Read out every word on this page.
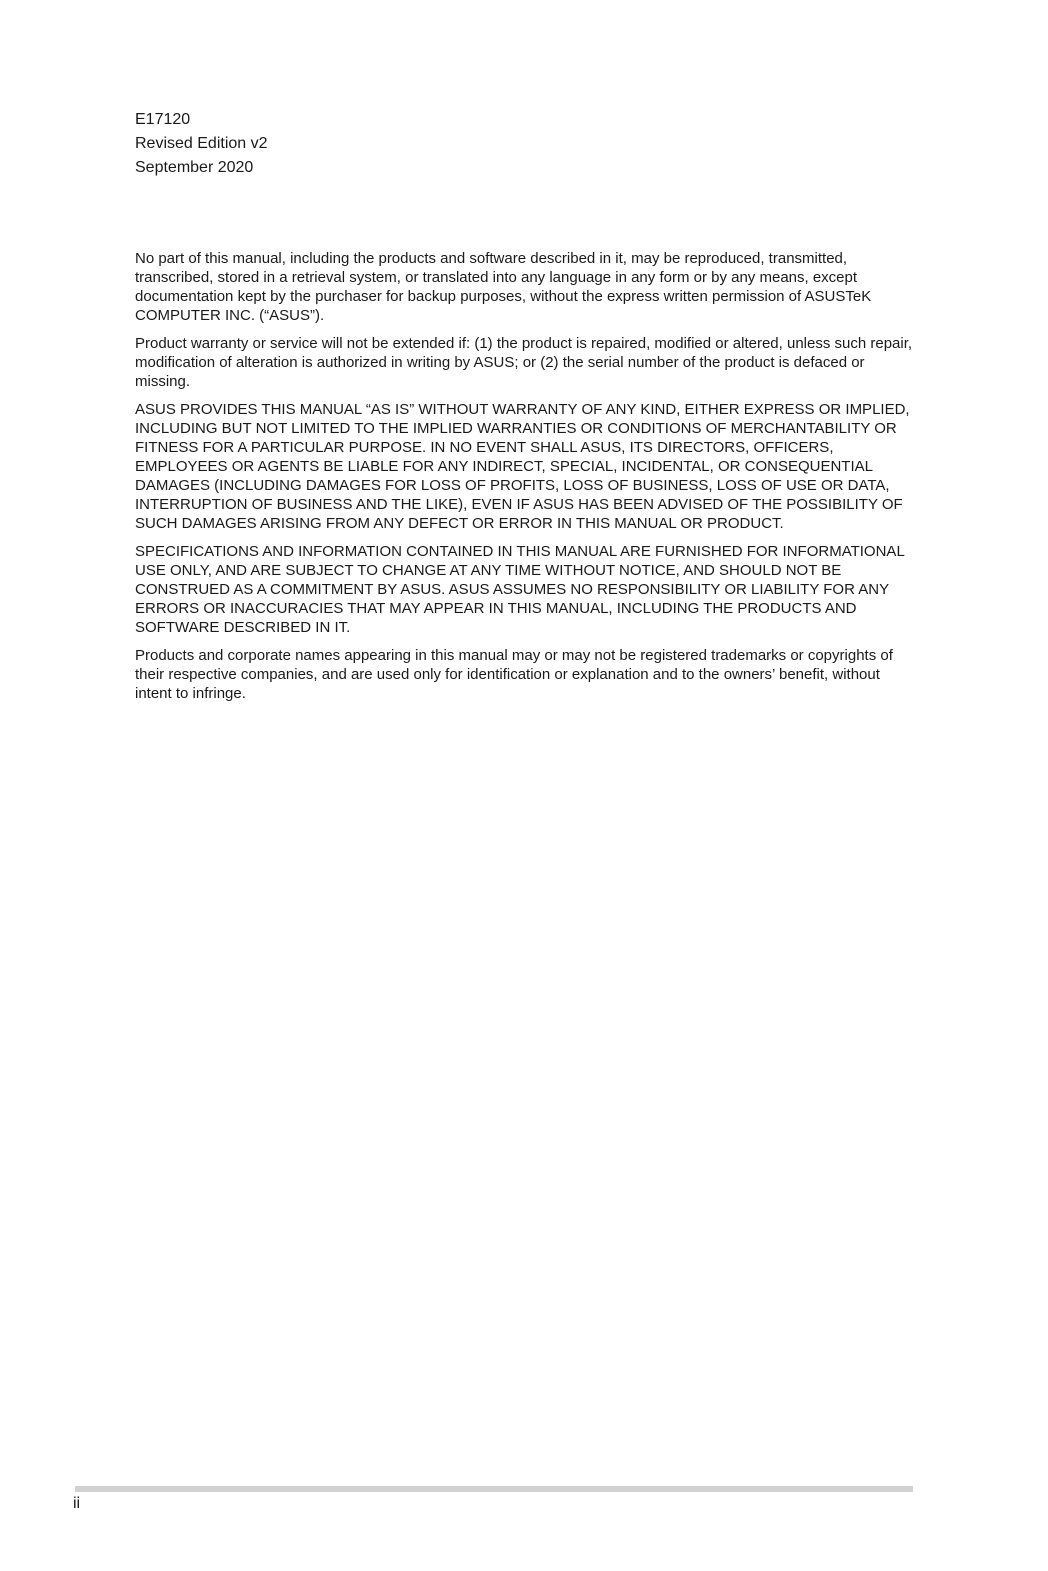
E17120
Revised Edition v2
September 2020

No part of this manual, including the products and software described in it, may be reproduced, transmitted, transcribed, stored in a retrieval system, or translated into any language in any form or by any means, except documentation kept by the purchaser for backup purposes, without the express written permission of ASUSTeK COMPUTER INC. (“ASUS”).

Product warranty or service will not be extended if: (1) the product is repaired, modified or altered, unless such repair, modification of alteration is authorized in writing by ASUS; or (2) the serial number of the product is defaced or missing.

ASUS PROVIDES THIS MANUAL “AS IS” WITHOUT WARRANTY OF ANY KIND, EITHER EXPRESS OR IMPLIED, INCLUDING BUT NOT LIMITED TO THE IMPLIED WARRANTIES OR CONDITIONS OF MERCHANTABILITY OR FITNESS FOR A PARTICULAR PURPOSE. IN NO EVENT SHALL ASUS, ITS DIRECTORS, OFFICERS, EMPLOYEES OR AGENTS BE LIABLE FOR ANY INDIRECT, SPECIAL, INCIDENTAL, OR CONSEQUENTIAL DAMAGES (INCLUDING DAMAGES FOR LOSS OF PROFITS, LOSS OF BUSINESS, LOSS OF USE OR DATA, INTERRUPTION OF BUSINESS AND THE LIKE), EVEN IF ASUS HAS BEEN ADVISED OF THE POSSIBILITY OF SUCH DAMAGES ARISING FROM ANY DEFECT OR ERROR IN THIS MANUAL OR PRODUCT.

SPECIFICATIONS AND INFORMATION CONTAINED IN THIS MANUAL ARE FURNISHED FOR INFORMATIONAL USE ONLY, AND ARE SUBJECT TO CHANGE AT ANY TIME WITHOUT NOTICE, AND SHOULD NOT BE CONSTRUED AS A COMMITMENT BY ASUS. ASUS ASSUMES NO RESPONSIBILITY OR LIABILITY FOR ANY ERRORS OR INACCURACIES THAT MAY APPEAR IN THIS MANUAL, INCLUDING THE PRODUCTS AND SOFTWARE DESCRIBED IN IT.

Products and corporate names appearing in this manual may or may not be registered trademarks or copyrights of their respective companies, and are used only for identification or explanation and to the owners’ benefit, without intent to infringe.

ii
